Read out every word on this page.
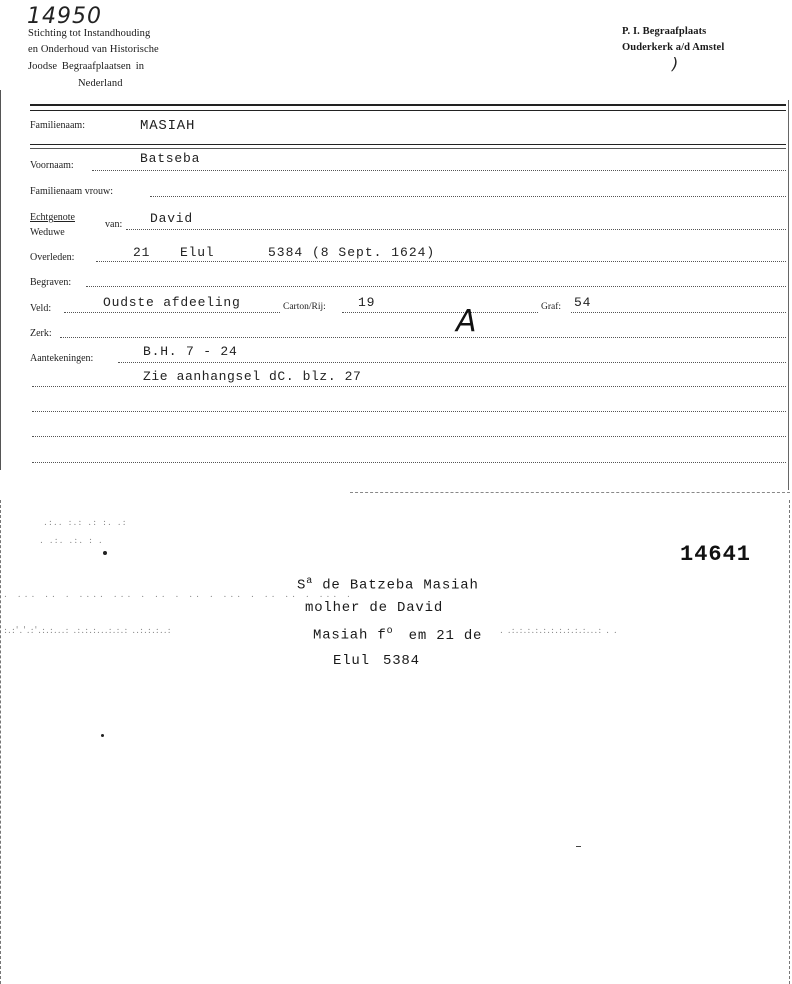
14950
Stichting tot Instandhouding
en Onderhoud van Historische
Joodse Begraafplaatsen in
Nederland
P. I. Begraafplaats
Ouderkerk a/d Amstel
)
Familienaam:	MASIAH
Voornaam:	Batseba
Familienaam vrouw:
Echtgenote
Weduwe
van: David
Overleden:	21 Elul	5384 (8 Sept. 1624)
Begraven:
Veld:	Oudste afdeeling	Carton/Rij: 19	Graf: 54
Zerk:	A
Aantekeningen:	B.H. 7 - 24
Zie aanhangsel dC. blz. 27
.:.. :.: .: :. .:
. .:. .:. : .
14641
$S^a$ de Batzeba Masiah
. ... .. . .... ... . .. . .. . ... . .. .. . ... .
molher de David
:.:'.'.:'.:.:...: .:.:.:...:.:.: ..:.:.:..:	. .:.:.:.:.:.:.:.:.:.:...: . .
Masiah $f^o$ em 21 de
Elul 5384
